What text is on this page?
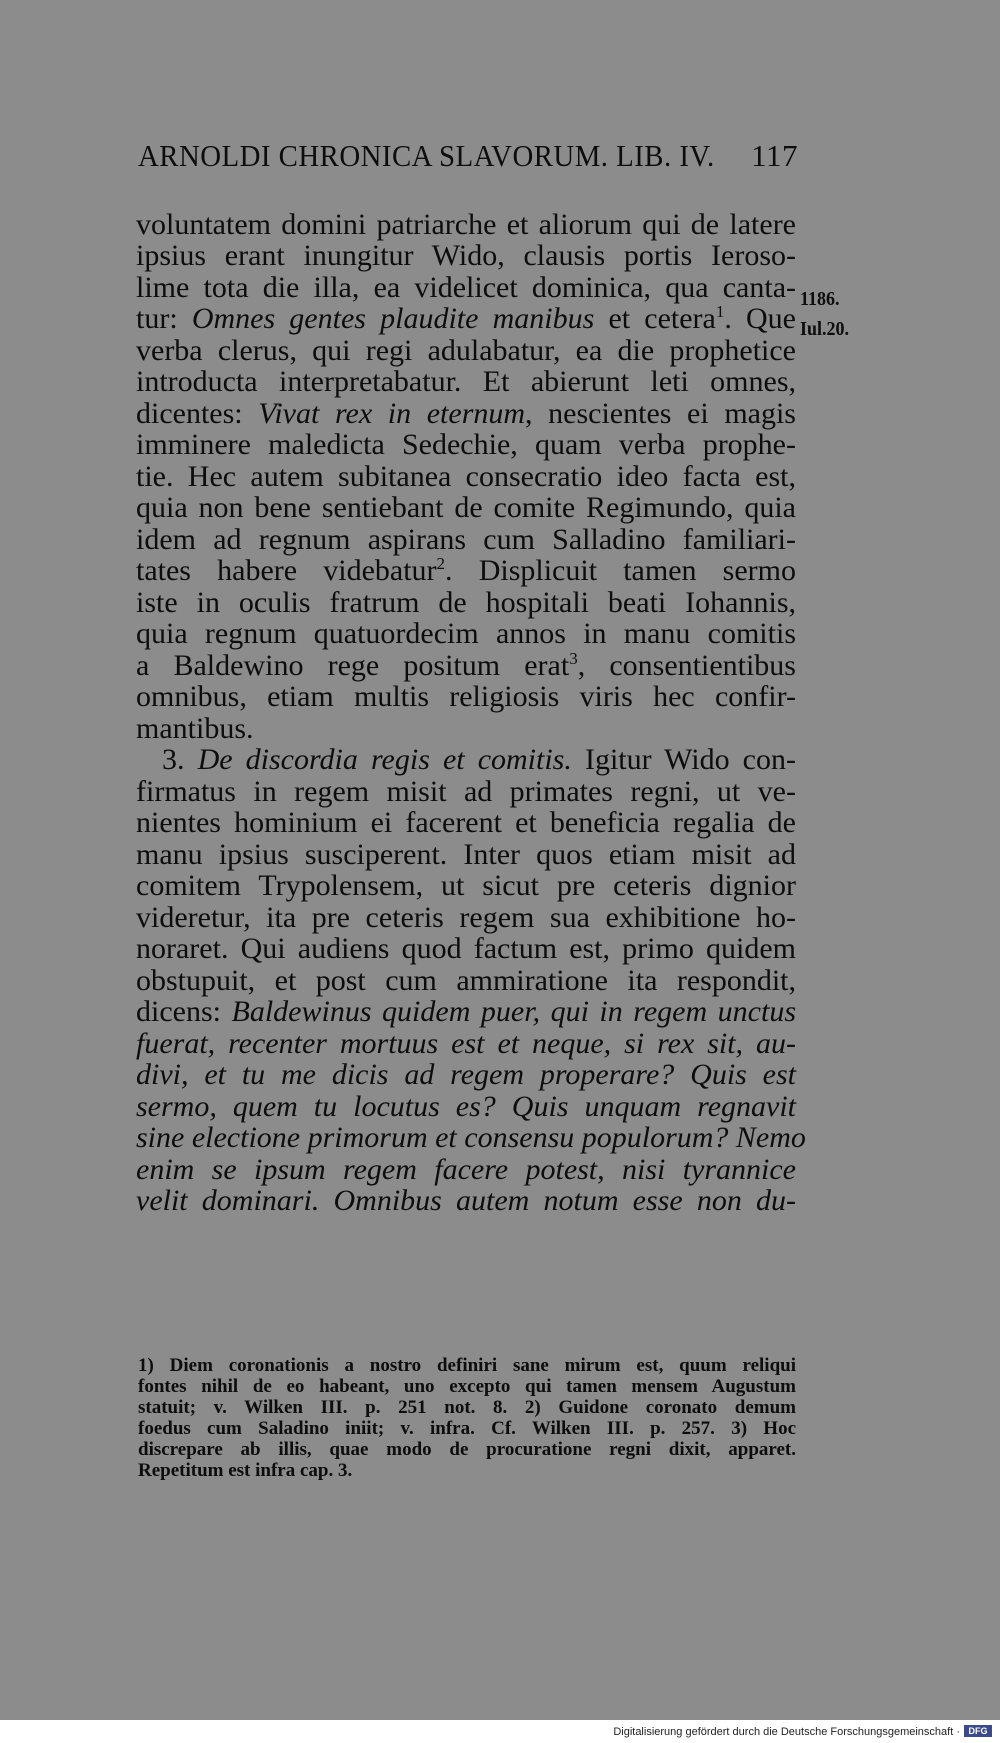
ARNOLDI CHRONICA SLAVORUM. LIB. IV. 117
voluntatem domini patriarche et aliorum qui de latere
ipsius erant inungitur Wido, clausis portis Ieroso-
lime tota die illa, ea videlicet dominica, qua canta-
tur: Omnes gentes plaudite manibus et cetera$^1$. Que
verba clerus, qui regi adulabatur, ea die prophetice
introducta interpretabatur. Et abierunt leti omnes,
dicentes: Vivat rex in eternum, nescientes ei magis
imminere maledicta Sedechie, quam verba prophe-
tie. Hec autem subitanea consecratio ideo facta est,
quia non bene sentiebant de comite Regimundo, quia
idem ad regnum aspirans cum Salladino familiari-
tates habere videbatur$^2$. Displicuit tamen sermo
iste in oculis fratrum de hospitali beati Iohannis,
quia regnum quatuordecim annos in manu comitis
a Baldewino rege positum erat$^3$, consentientibus
omnibus, etiam multis religiosis viris hec confir-
mantibus.
3. De discordia regis et comitis. Igitur Wido con-
firmatus in regem misit ad primates regni, ut ve-
nientes hominium ei facerent et beneficia regalia de
manu ipsius susciperent. Inter quos etiam misit ad
comitem Trypolensem, ut sicut pre ceteris dignior
videretur, ita pre ceteris regem sua exhibitione ho-
noraret. Qui audiens quod factum est, primo quidem
obstupuit, et post cum ammiratione ita respondit,
dicens: Baldewinus quidem puer, qui in regem unctus
fuerat, recenter mortuus est et neque, si rex sit, au-
divi, et tu me dicis ad regem properare? Quis est
sermo, quem tu locutus es? Quis unquam regnavit
sine electione primorum et consensu populorum? Nemo
enim se ipsum regem facere potest, nisi tyrannice
velit dominari. Omnibus autem notum esse non du-
1186.
Iul.20.
1) Diem coronationis a nostro definiri sane mirum est, quum reliqui
fontes nihil de eo habeant, uno excepto qui tamen mensem Augustum
statuit; v. Wilken III. p. 251 not. 8. 2) Guidone coronato demum
foedus cum Saladino iniit; v. infra. Cf. Wilken III. p. 257. 3) Hoc
discrepare ab illis, quae modo de procuratione regni dixit, apparet.
Repetitum est infra cap. 3.
Digitalisierung gefördert durch die Deutsche Forschungsgemeinschaft · DFG
